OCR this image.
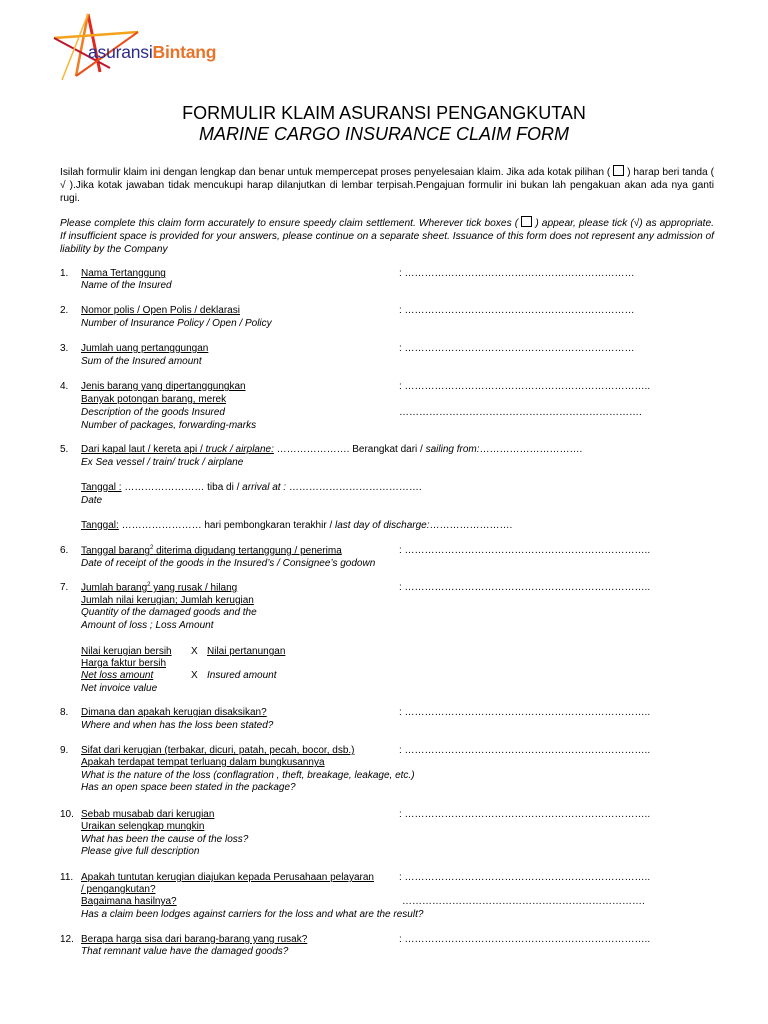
asuransiBintang
FORMULIR KLAIM ASURANSI PENGANGKUTAN
MARINE CARGO INSURANCE CLAIM FORM
Isilah formulir klaim ini dengan lengkap dan benar untuk mempercepat proses penyelesaian klaim. Jika ada kotak pilihan ( ) harap beri tanda ( √ ).Jika kotak jawaban tidak mencukupi harap dilanjutkan di lembar terpisah.Pengajuan formulir ini bukan lah pengakuan akan ada nya ganti rugi.
Please complete this claim form accurately to ensure speedy claim settlement. Wherever tick boxes ( ) appear, please tick (√) as appropriate. If insufficient space is provided for your answers, please continue on a separate sheet. Issuance of this form does not represent any admission of liability by the Company
1. Nama Tertanggung
Name of the Insured
: ……………………………………………………………
2. Nomor polis / Open Polis / deklarasi
Number of Insurance Policy / Open / Policy
: ……………………………………………………………
3. Jumlah uang pertanggungan
Sum of the Insured amount
: ……………………………………………………………
4. Jenis barang yang dipertanggungkan
Banyak potongan barang, merek
Description of the goods Insured
Number of packages, forwarding-marks
: ………………………………………………………………..
……………………………………………………………….
5. Dari kapal laut / kereta api / truck / airplane: …………………. Berangkat dari / sailing from:………………………….
Ex Sea vessel / train/ truck / airplane
Tanggal : …………………… tiba di / arrival at : ………………………………….
Date
Tanggal: …………………… hari pembongkaran terakhir / last day of discharge:…………………….
6. Tanggal barang$^2$ diterima digudang tertanggung / penerima
Date of receipt of the goods in the Insured’s / Consignee’s godown
: ………………………………………………………………..
7. Jumlah barang$^2$ yang rusak / hilang
Jumlah nilai kerugian; Jumlah kerugian
Quantity of the damaged goods and the
Amount of loss ; Loss Amount
: ………………………………………………………………..
Nilai kerugian bersih X Nilai pertanungan
Harga faktur bersih
Net loss amount	X Insured amount
Net invoice value
8. Dimana dan apakah kerugian disaksikan?
Where and when has the loss been stated?
: ………………………………………………………………..
9. Sifat dari kerugian (terbakar, dicuri, patah, pecah, bocor, dsb.)
Apakah terdapat tempat terluang dalam bungkusannya
What is the nature of the loss (conflagration , theft, breakage, leakage, etc.)
Has an open space been stated in the package?
: ………………………………………………………………..
10. Sebab musabab dari kerugian
Uraikan selengkap mungkin
What has been the cause of the loss?
Please give full description
: ………………………………………………………………..
11. Apakah tuntutan kerugian diajukan kepada Perusahaan pelayaran
/ pengangkutan?
Bagaimana hasilnya?
Has a claim been lodges against carriers for the loss and what are the result?
: ………………………………………………………………..
……………………………………………………………….
12. Berapa harga sisa dari barang-barang yang rusak?
That remnant value have the damaged goods?
: ………………………………………………………………..
